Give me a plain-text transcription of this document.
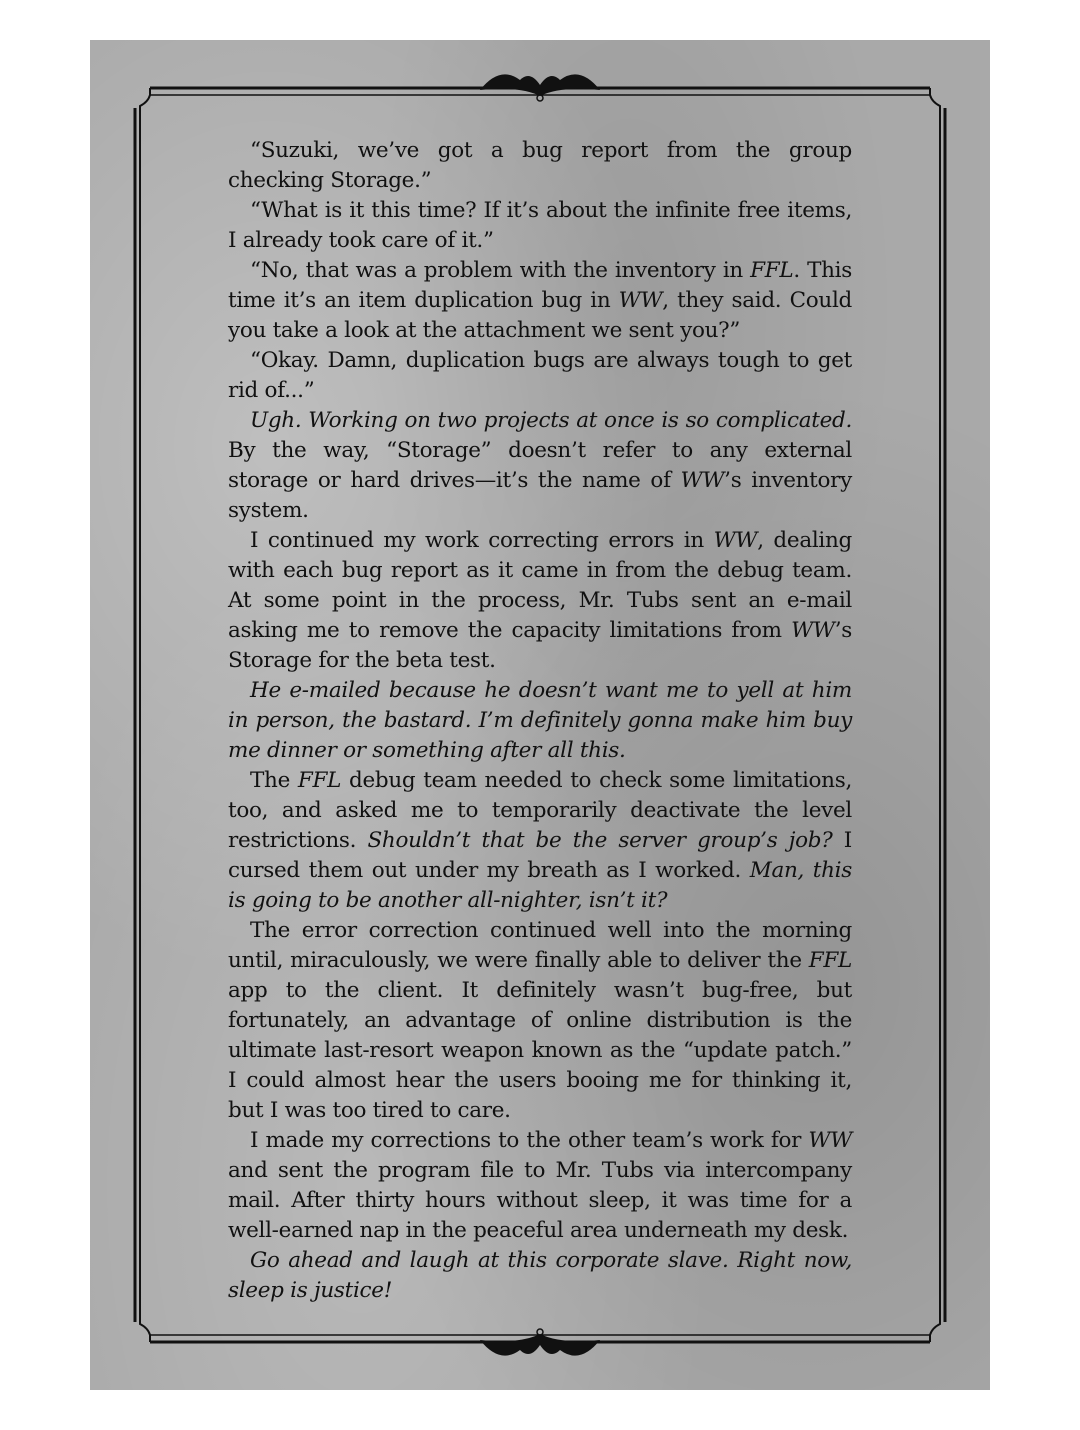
“Suzuki, we’ve got a bug report from the group checking Storage.”

“What is it this time? If it’s about the infinite free items, I already took care of it.”

“No, that was a problem with the inventory in FFL. This time it’s an item duplication bug in WW, they said. Could you take a look at the attachment we sent you?”

“Okay. Damn, duplication bugs are always tough to get rid of...”

Ugh. Working on two projects at once is so complicated. By the way, “Storage” doesn’t refer to any external storage or hard drives—it’s the name of WW’s inventory system.

I continued my work correcting errors in WW, dealing with each bug report as it came in from the debug team. At some point in the process, Mr. Tubs sent an e-mail asking me to remove the capacity limitations from WW’s Storage for the beta test.

He e-mailed because he doesn’t want me to yell at him in person, the bastard. I’m definitely gonna make him buy me dinner or something after all this.

The FFL debug team needed to check some limitations, too, and asked me to temporarily deactivate the level restrictions. Shouldn’t that be the server group’s job? I cursed them out under my breath as I worked. Man, this is going to be another all-nighter, isn’t it?

The error correction continued well into the morning until, miraculously, we were finally able to deliver the FFL app to the client. It definitely wasn’t bug-free, but fortunately, an advantage of online distribution is the ultimate last-resort weapon known as the “update patch.” I could almost hear the users booing me for thinking it, but I was too tired to care.

I made my corrections to the other team’s work for WW and sent the program file to Mr. Tubs via intercompany mail. After thirty hours without sleep, it was time for a well-earned nap in the peaceful area underneath my desk.

Go ahead and laugh at this corporate slave. Right now, sleep is justice!
